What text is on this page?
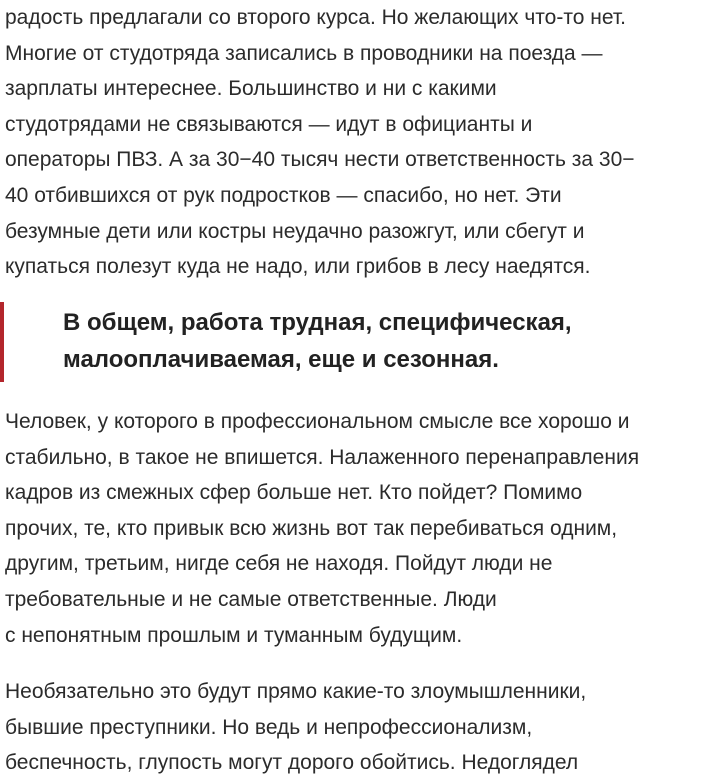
радость предлагали со второго курса. Но желающих что-то нет.
Многие от студотряда записались в проводники на поезда —
зарплаты интереснее. Большинство и ни с какими
студотрядами не связываются — идут в официанты и
операторы ПВЗ. А за 30−40 тысяч нести ответственность за 30−
40 отбившихся от рук подростков — спасибо, но нет. Эти
безумные дети или костры неудачно разожгут, или сбегут и
купаться полезут куда не надо, или грибов в лесу наедятся.

В общем, работа трудная, специфическая,
малооплачиваемая, еще и сезонная.

Человек, у которого в профессиональном смысле все хорошо и
стабильно, в такое не впишется. Налаженного перенаправления
кадров из смежных сфер больше нет. Кто пойдет? Помимо
прочих, те, кто привык всю жизнь вот так перебиваться одним,
другим, третьим, нигде себя не находя. Пойдут люди не
требовательные и не самые ответственные. Люди
с непонятным прошлым и туманным будущим.

Необязательно это будут прямо какие-то злоумышленники,
бывшие преступники. Но ведь и непрофессионализм,
беспечность, глупость могут дорого обойтись. Недоглядел
